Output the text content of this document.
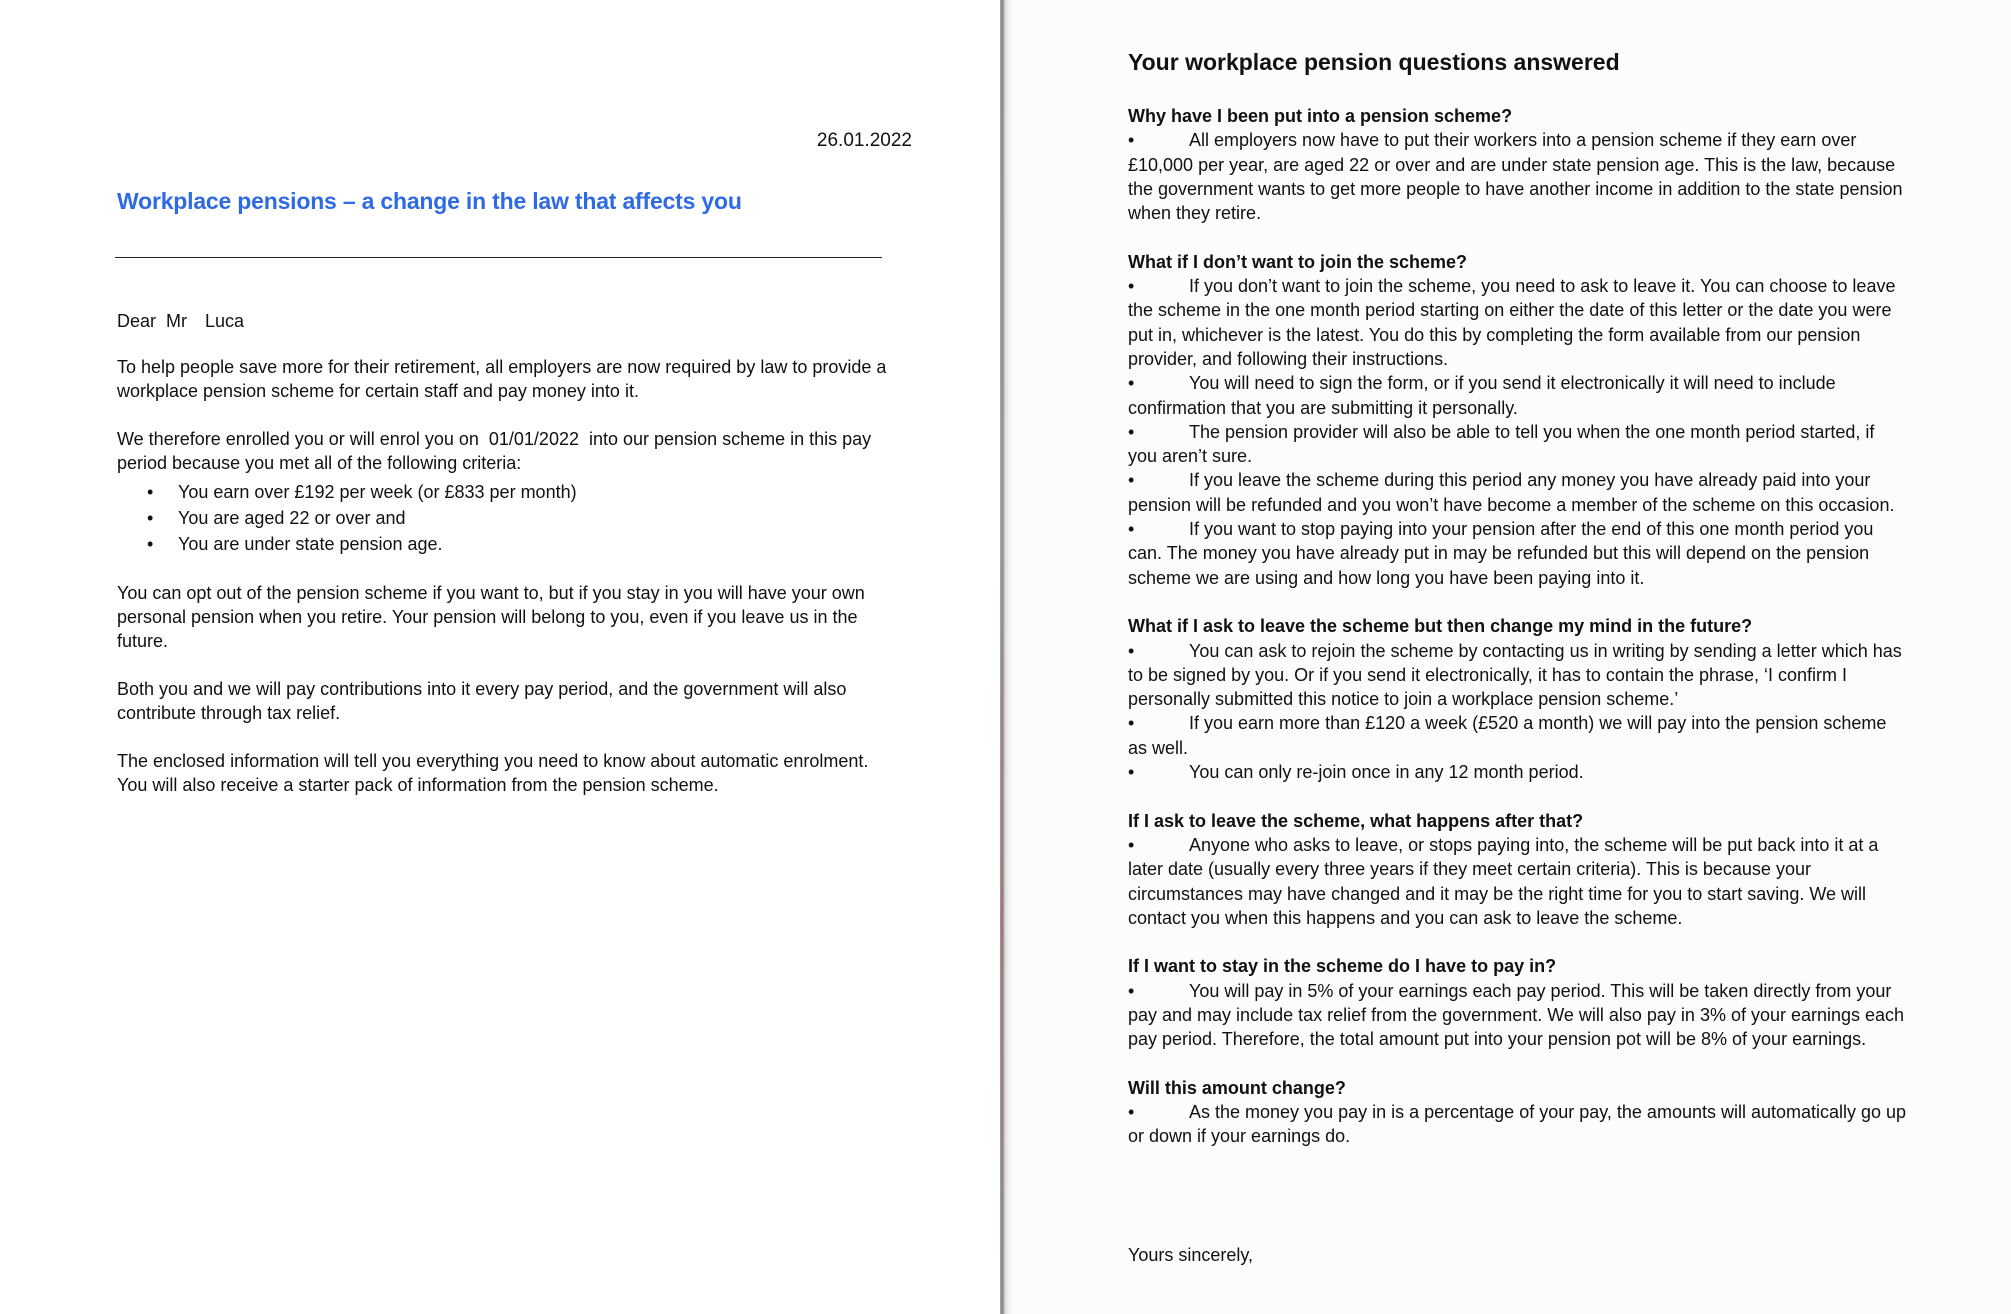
26.01.2022
Workplace pensions – a change in the law that affects you
Dear Mr Luca

To help people save more for their retirement, all employers are now required by law to provide a workplace pension scheme for certain staff and pay money into it.

We therefore enrolled you or will enrol you on 01/01/2022 into our pension scheme in this pay period because you met all of the following criteria:

• You earn over £192 per week (or £833 per month)
• You are aged 22 or over and
• You are under state pension age.

You can opt out of the pension scheme if you want to, but if you stay in you will have your own personal pension when you retire. Your pension will belong to you, even if you leave us in the future.

Both you and we will pay contributions into it every pay period, and the government will also contribute through tax relief.

The enclosed information will tell you everything you need to know about automatic enrolment. You will also receive a starter pack of information from the pension scheme.

Your workplace pension questions answered
Why have I been put into a pension scheme?

•	All employers now have to put their workers into a pension scheme if they earn over £10,000 per year, are aged 22 or over and are under state pension age. This is the law, because the government wants to get more people to have another income in addition to the state pension when they retire.

What if I don’t want to join the scheme?

•	If you don’t want to join the scheme, you need to ask to leave it. You can choose to leave the scheme in the one month period starting on either the date of this letter or the date you were put in, whichever is the latest. You do this by completing the form available from our pension provider, and following their instructions.

•	You will need to sign the form, or if you send it electronically it will need to include confirmation that you are submitting it personally.

•	The pension provider will also be able to tell you when the one month period started, if you aren’t sure.

•	If you leave the scheme during this period any money you have already paid into your pension will be refunded and you won’t have become a member of the scheme on this occasion.

•	If you want to stop paying into your pension after the end of this one month period you can. The money you have already put in may be refunded but this will depend on the pension scheme we are using and how long you have been paying into it.

What if I ask to leave the scheme but then change my mind in the future?

•	You can ask to rejoin the scheme by contacting us in writing by sending a letter which has to be signed by you. Or if you send it electronically, it has to contain the phrase, ‘I confirm I personally submitted this notice to join a workplace pension scheme.’

•	If you earn more than £120 a week (£520 a month) we will pay into the pension scheme as well.

•	You can only re-join once in any 12 month period.

If I ask to leave the scheme, what happens after that?

•	Anyone who asks to leave, or stops paying into, the scheme will be put back into it at a later date (usually every three years if they meet certain criteria). This is because your circumstances may have changed and it may be the right time for you to start saving. We will contact you when this happens and you can ask to leave the scheme.

If I want to stay in the scheme do I have to pay in?

•	You will pay in 5% of your earnings each pay period. This will be taken directly from your pay and may include tax relief from the government. We will also pay in 3% of your earnings each pay period. Therefore, the total amount put into your pension pot will be 8% of your earnings.

Will this amount change?

•	As the money you pay in is a percentage of your pay, the amounts will automatically go up or down if your earnings do.

Yours sincerely,
